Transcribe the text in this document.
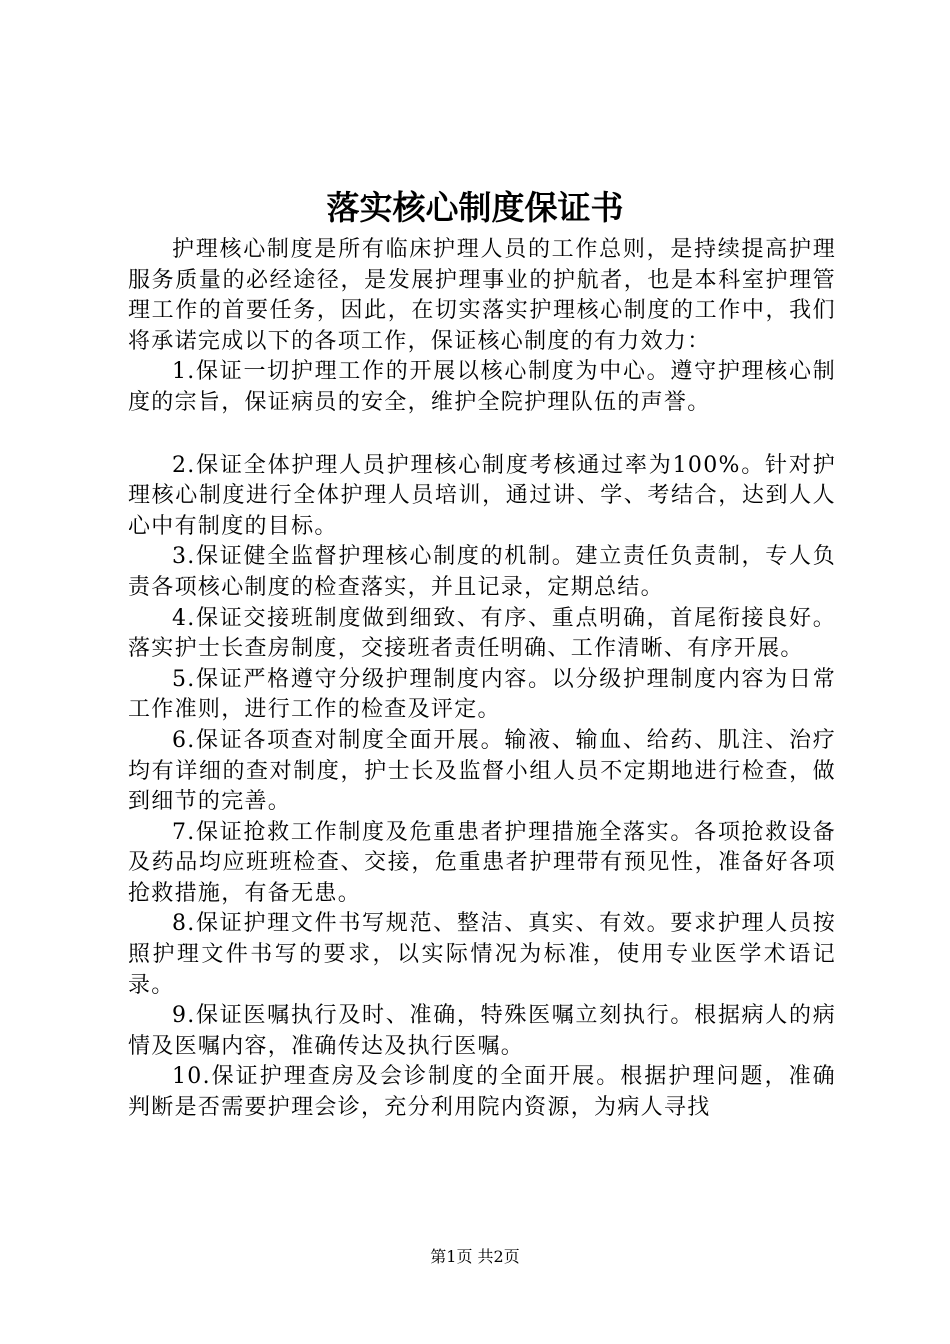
落实核心制度保证书

护理核心制度是所有临床护理人员的工作总则，是持续提高护理服务质量的必经途径，是发展护理事业的护航者，也是本科室护理管理工作的首要任务，因此，在切实落实护理核心制度的工作中，我们将承诺完成以下的各项工作，保证核心制度的有力效力：

1.保证一切护理工作的开展以核心制度为中心。遵守护理核心制度的宗旨，保证病员的安全，维护全院护理队伍的声誉。

2.保证全体护理人员护理核心制度考核通过率为100%。针对护理核心制度进行全体护理人员培训，通过讲、学、考结合，达到人人心中有制度的目标。

3.保证健全监督护理核心制度的机制。建立责任负责制，专人负责各项核心制度的检查落实，并且记录，定期总结。

4.保证交接班制度做到细致、有序、重点明确，首尾衔接良好。落实护士长查房制度，交接班者责任明确、工作清晰、有序开展。

5.保证严格遵守分级护理制度内容。以分级护理制度内容为日常工作准则，进行工作的检查及评定。

6.保证各项查对制度全面开展。输液、输血、给药、肌注、治疗均有详细的查对制度，护士长及监督小组人员不定期地进行检查，做到细节的完善。

7.保证抢救工作制度及危重患者护理措施全落实。各项抢救设备及药品均应班班检查、交接，危重患者护理带有预见性，准备好各项抢救措施，有备无患。

8.保证护理文件书写规范、整洁、真实、有效。要求护理人员按照护理文件书写的要求，以实际情况为标准，使用专业医学术语记录。

9.保证医嘱执行及时、准确，特殊医嘱立刻执行。根据病人的病情及医嘱内容，准确传达及执行医嘱。

10.保证护理查房及会诊制度的全面开展。根据护理问题，准确判断是否需要护理会诊，充分利用院内资源，为病人寻找

第1页 共2页
